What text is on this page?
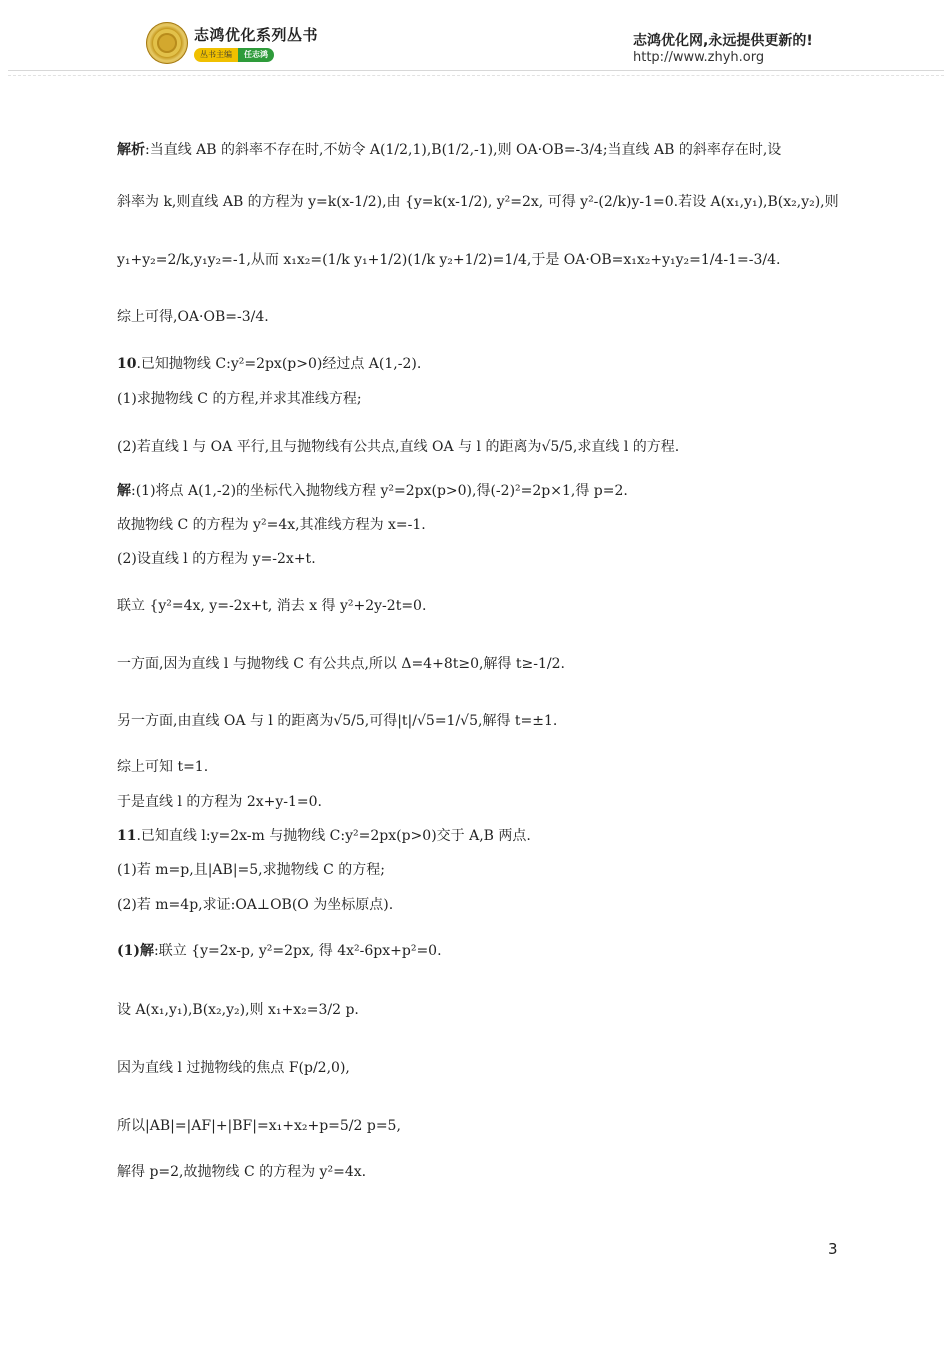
志鸿优化系列丛书
丛书主编	任志鸿
志鸿优化网,永远提供更新的!
http://www.zhyh.org
解析:当直线 AB 的斜率不存在时,不妨令 A(1/2,1),B(1/2,-1),则 OA·OB=-3/4;当直线 AB 的斜率存在时,设
斜率为 k,则直线 AB 的方程为 y=k(x-1/2),由 {y=k(x-1/2), y²=2x, 可得 y²-(2/k)y-1=0.若设 A(x₁,y₁),B(x₂,y₂),则
y₁+y₂=2/k,y₁y₂=-1,从而 x₁x₂=(1/k y₁+1/2)(1/k y₂+1/2)=1/4,于是 OA·OB=x₁x₂+y₁y₂=1/4-1=-3/4.
综上可得,OA·OB=-3/4.
10.已知抛物线 C:y²=2px(p>0)经过点 A(1,-2).
(1)求抛物线 C 的方程,并求其准线方程;
(2)若直线 l 与 OA 平行,且与抛物线有公共点,直线 OA 与 l 的距离为√5/5,求直线 l 的方程.
解:(1)将点 A(1,-2)的坐标代入抛物线方程 y²=2px(p>0),得(-2)²=2p×1,得 p=2.
故抛物线 C 的方程为 y²=4x,其准线方程为 x=-1.
(2)设直线 l 的方程为 y=-2x+t.
联立 {y²=4x, y=-2x+t, 消去 x 得 y²+2y-2t=0.
一方面,因为直线 l 与抛物线 C 有公共点,所以 Δ=4+8t≥0,解得 t≥-1/2.
另一方面,由直线 OA 与 l 的距离为√5/5,可得|t|/√5=1/√5,解得 t=±1.
综上可知 t=1.
于是直线 l 的方程为 2x+y-1=0.
11.已知直线 l:y=2x-m 与抛物线 C:y²=2px(p>0)交于 A,B 两点.
(1)若 m=p,且|AB|=5,求抛物线 C 的方程;
(2)若 m=4p,求证:OA⊥OB(O 为坐标原点).
(1)解:联立 {y=2x-p, y²=2px, 得 4x²-6px+p²=0.
设 A(x₁,y₁),B(x₂,y₂),则 x₁+x₂=3/2 p.
因为直线 l 过抛物线的焦点 F(p/2,0),
所以|AB|=|AF|+|BF|=x₁+x₂+p=5/2 p=5,
解得 p=2,故抛物线 C 的方程为 y²=4x.
3
